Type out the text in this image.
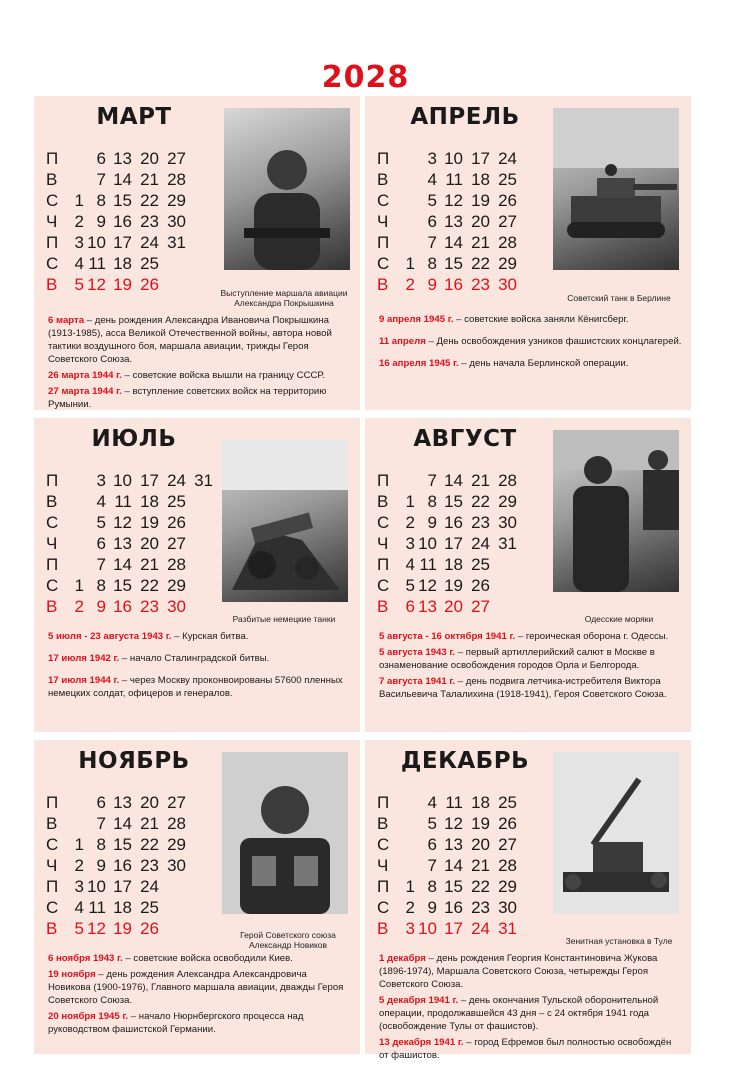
2028
МАРТ
П	6 13 20 27
В	7 14 21 28
С 1 8 15 22 29
Ч	2 9 16 23 30
П 3 10 17 24 31
С 4 11 18 25
В	5 12 19 26	Выступление маршала авиации
Александра Покрышкина

6 марта – день рождения Александра Ивановича Покрышкина (1913-1985), асса Великой Отечественной войны, автора новой тактики воздушного боя, маршала авиации, трижды Героя Советского Союза.

26 марта 1944 г. – советские войска вышли на границу СССР.

27 марта 1944 г. – вступление советских войск на территорию Румынии.

АПРЕЛЬ
П	3 10 17 24
В	4 11 18 25
С	5 12 19 26
Ч	6 13 20 27
П	7 14 21 28
С 1 8 15 22 29
В	2 9 16 23 30
Советский танк в Берлине

9 апреля 1945 г. – советские войска заняли Кёнигсберг.

11 апреля – День освобождения узников фашистских концлагерей.

16 апреля 1945 г. – день начала Берлинской операции.

ИЮЛЬ
П	3 10 17 24 31
В	4 11 18 25
С	5 12 19 26
Ч	6 13 20 27
П	7 14 21 28
С 1 8 15 22 29
В	2 9 16 23 30
Разбитые немецкие танки

5 июля - 23 августа 1943 г. – Курская битва.

17 июля 1942 г. – начало Сталинградской битвы.

17 июля 1944 г. – через Москву проконвоированы 57600 пленных немецких солдат, офицеров и генералов.

АВГУСТ
П	7 14 21 28
В	1 8 15 22 29
С 2 9 16 23 30
Ч	3 10 17 24 31
П 4 11 18 25
С 5 12 19 26
В	6 13 20 27
Одесские моряки

5 августа - 16 октября 1941 г. – героическая оборона г. Одессы.

5 августа 1943 г. – первый артиллерийский салют в Москве в ознаменование освобождения городов Орла и Белгорода.

7 августа 1941 г. – день подвига летчика-истребителя Виктора Васильевича Талалихина (1918-1941), Героя Советского Союза.

НОЯБРЬ
П	6 13 20 27
В	7 14 21 28
С 1 8 15 22 29
Ч	2 9 16 23 30
П 3 10 17 24
С 4 11 18 25
В	5 12 19 26	Герой Советского союза
Александр Новиков

6 ноября 1943 г. – советские войска освободили Киев.

19 ноября – день рождения Александра Александровича Новикова (1900-1976), Главного маршала авиации, дважды Героя Советского Союза.

20 ноября 1945 г. – начало Нюрнбергского процесса над руководством фашистской Германии.

ДЕКАБРЬ
П	4 11 18 25
В	5 12 19 26
С	6 13 20 27
Ч	7 14 21 28
П 1 8 15 22 29
С 2 9 16 23 30
В	3 10 17 24 31
Зенитная установка в Туле

1 декабря – день рождения Георгия Константиновича Жукова (1896-1974), Маршала Советского Союза, четырежды Героя Советского Союза.

5 декабря 1941 г. – день окончания Тульской оборонительной операции, продолжавшейся 43 дня – с 24 октября 1941 года (освобождение Тулы от фашистов).

13 декабря 1941 г. – город Ефремов был полностью освобождён от фашистов.
